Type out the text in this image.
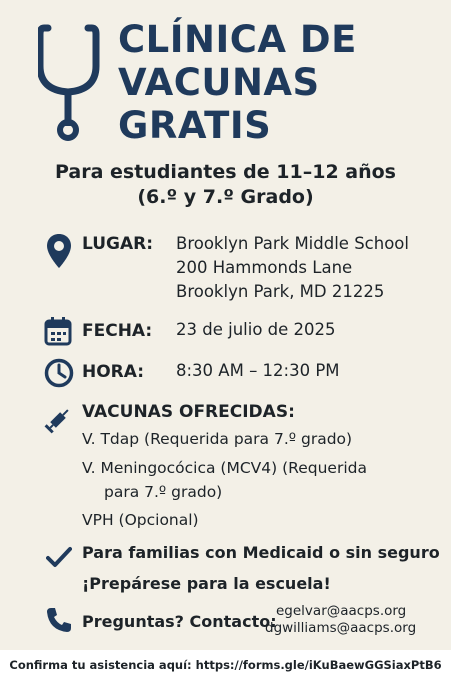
CLÍNICA DE
VACUNAS
GRATIS
Para estudiantes de 11–12 años
(6.º y 7.º Grado)
LUGAR: Brooklyn Park Middle School
200 Hammonds Lane
Brooklyn Park, MD 21225
FECHA: 23 de julio de 2025
HORA: 8:30 AM – 12:30 PM
VACUNAS OFRECIDAS:
V. Tdap (Requerida para 7.º grado)
V. Meningocócica (MCV4) (Requerida
para 7.º grado)
VPH (Opcional)
Para familias con Medicaid o sin seguro
¡Prepárese para la escuela!
Preguntas? Contacto:
egelvar@aacps.org
dgwilliams@aacps.org
Confirma tu asistencia aquí: https://forms.gle/iKuBaewGGSiaxPtB6
